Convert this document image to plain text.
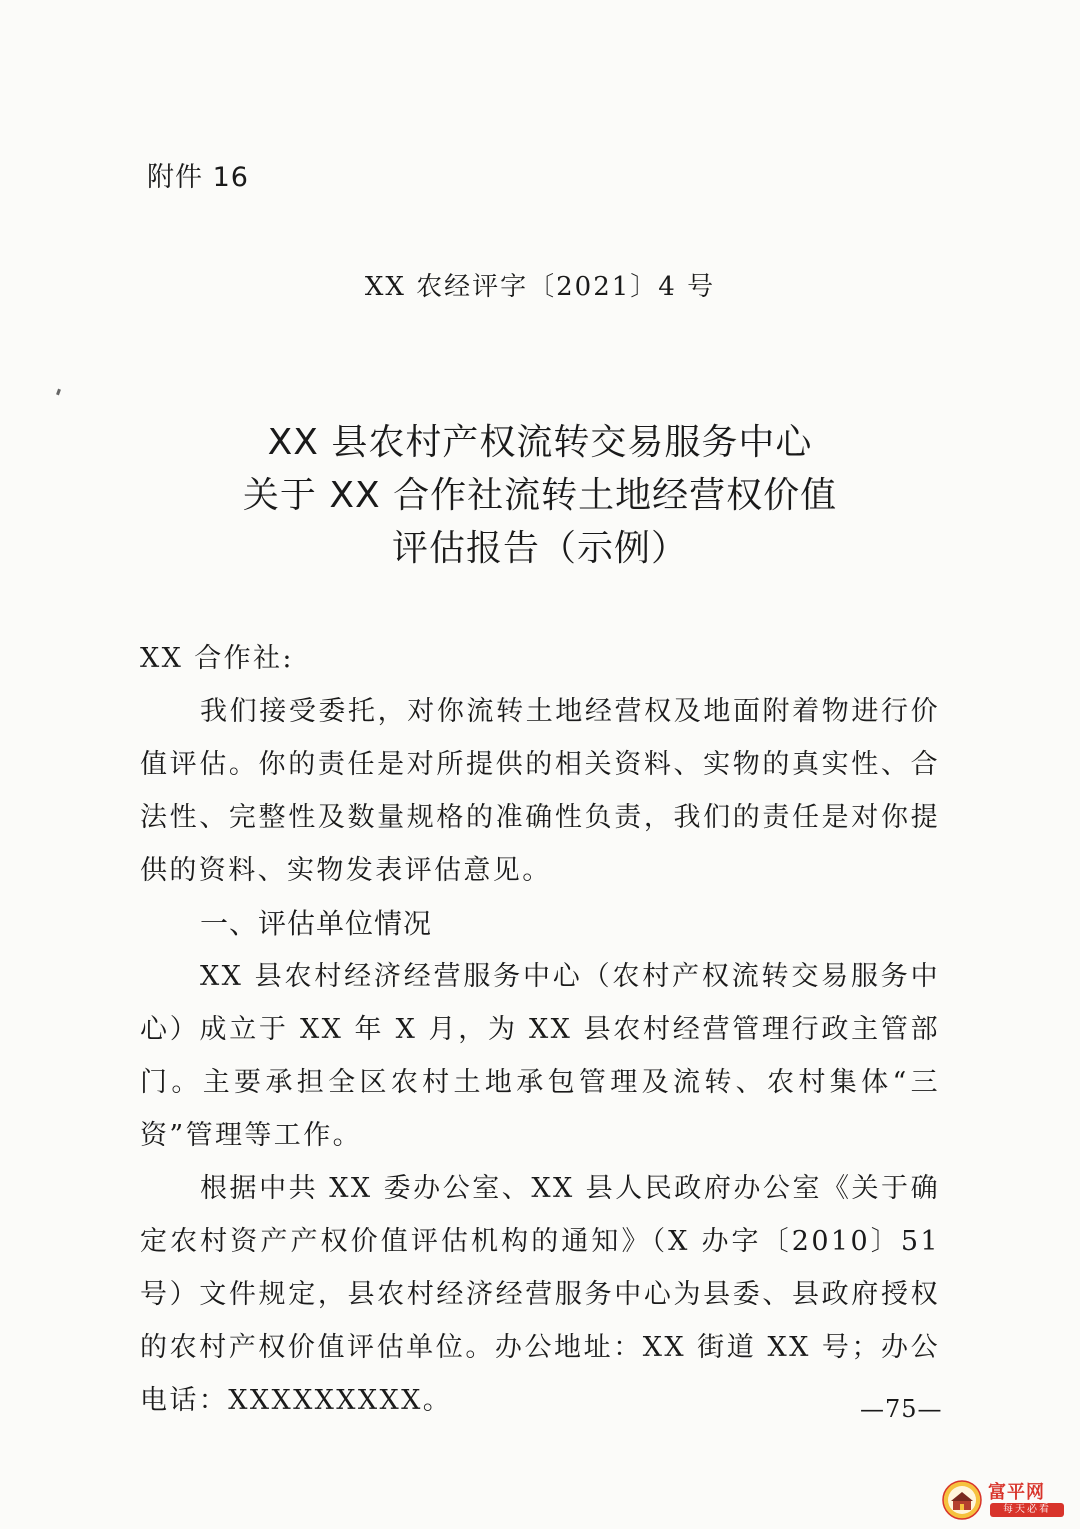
附件 16
XX 农经评字〔2021〕4 号
XX 县农村产权流转交易服务中心
关于 XX 合作社流转土地经营权价值
评估报告（示例）

XX 合作社:

我们接受委托，对你流转土地经营权及地面附着物进行价值评估。你的责任是对所提供的相关资料、实物的真实性、合法性、完整性及数量规格的准确性负责，我们的责任是对你提供的资料、实物发表评估意见。

一、评估单位情况

XX 县农村经济经营服务中心（农村产权流转交易服务中心）成立于 XX 年 X 月，为 XX 县农村经营管理行政主管部门。主要承担全区农村土地承包管理及流转、农村集体“三资”管理等工作。

根据中共 XX 委办公室、XX 县人民政府办公室《关于确定农村资产产权价值评估机构的通知》（X 办字〔2010〕51 号）文件规定，县农村经济经营服务中心为县委、县政府授权的农村产权价值评估单位。办公地址：XX 街道 XX 号；办公电话：XXXXXXXXX。	—75—
富平网
每天必看
